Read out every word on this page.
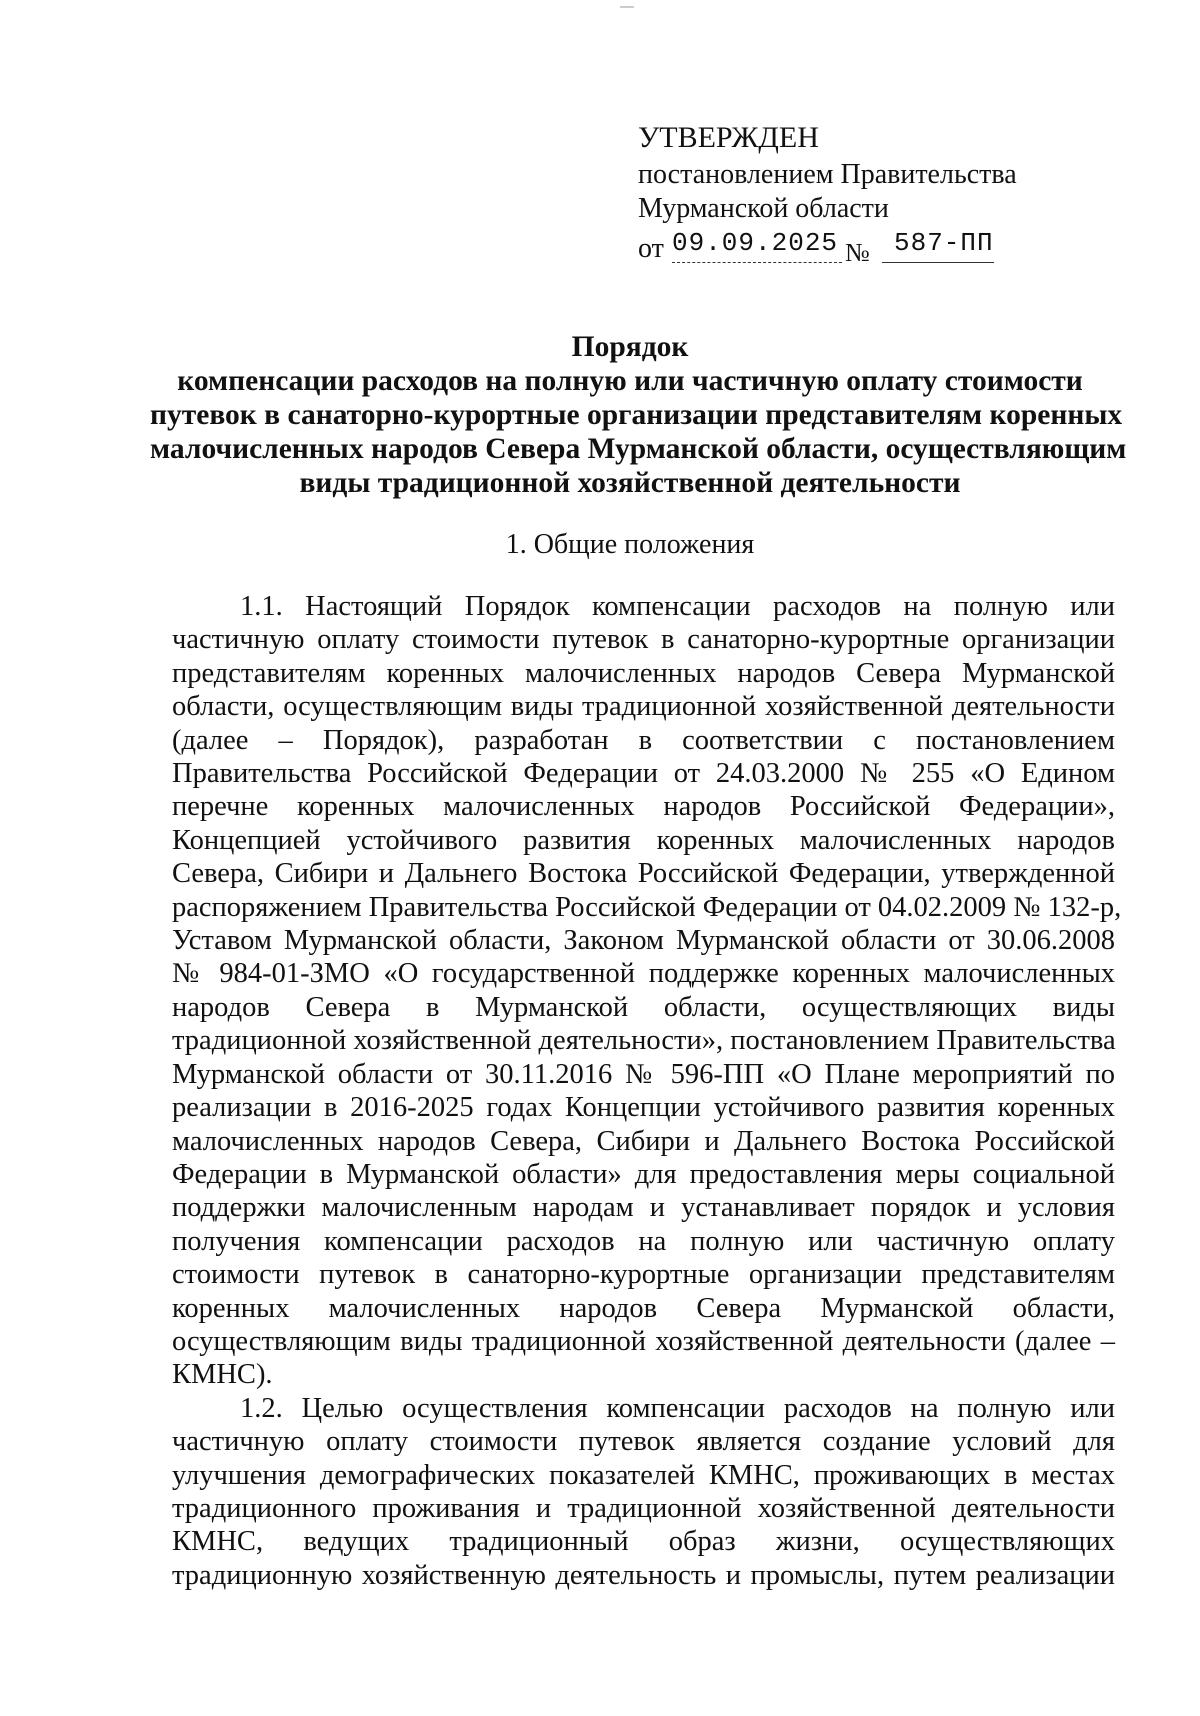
УТВЕРЖДЕН
постановлением Правительства
Мурманской области
от 09.09.2025 № 587-ПП
Порядок
компенсации расходов на полную или частичную оплату стоимости
путевок в санаторно-курортные организации представителям коренных
малочисленных народов Севера Мурманской области, осуществляющим
виды традиционной хозяйственной деятельности
1. Общие положения
1.1. Настоящий Порядок компенсации расходов на полную или
частичную оплату стоимости путевок в санаторно-курортные организации
представителям коренных малочисленных народов Севера Мурманской
области, осуществляющим виды традиционной хозяйственной деятельности
(далее – Порядок), разработан в соответствии с постановлением
Правительства Российской Федерации от 24.03.2000 № 255 «О Едином
перечне коренных малочисленных народов Российской Федерации»,
Концепцией устойчивого развития коренных малочисленных народов
Севера, Сибири и Дальнего Востока Российской Федерации, утвержденной
распоряжением Правительства Российской Федерации от 04.02.2009 № 132-р,
Уставом Мурманской области, Законом Мурманской области от 30.06.2008
№ 984-01-ЗМО «О государственной поддержке коренных малочисленных
народов Севера в Мурманской области, осуществляющих виды
традиционной хозяйственной деятельности», постановлением Правительства
Мурманской области от 30.11.2016 № 596-ПП «О Плане мероприятий по
реализации в 2016-2025 годах Концепции устойчивого развития коренных
малочисленных народов Севера, Сибири и Дальнего Востока Российской
Федерации в Мурманской области» для предоставления меры социальной
поддержки малочисленным народам и устанавливает порядок и условия
получения компенсации расходов на полную или частичную оплату
стоимости путевок в санаторно-курортные организации представителям
коренных малочисленных народов Севера Мурманской области,
осуществляющим виды традиционной хозяйственной деятельности (далее –
КМНС).
1.2. Целью осуществления компенсации расходов на полную или
частичную оплату стоимости путевок является создание условий для
улучшения демографических показателей КМНС, проживающих в местах
традиционного проживания и традиционной хозяйственной деятельности
КМНС, ведущих традиционный образ жизни, осуществляющих
традиционную хозяйственную деятельность и промыслы, путем реализации
